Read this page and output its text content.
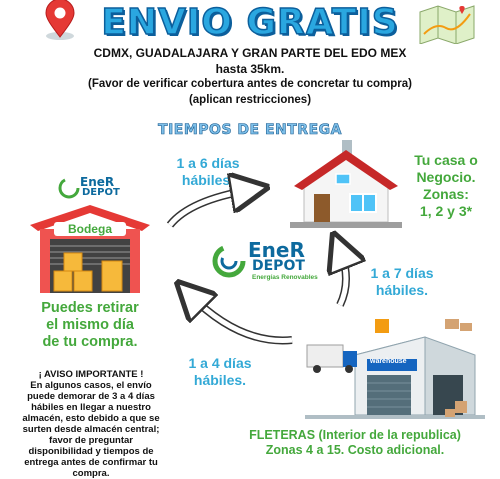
ENVIO GRATIS
CDMX, GUADALAJARA Y GRAN PARTE DEL EDO MEX
hasta 35km.
(Favor de verificar cobertura antes de concretar tu compra)
(aplican restricciones)
TIEMPOS DE ENTREGA
1 a 6 días
hábiles.
Tu casa o
Negocio.
Zonas:
1, 2 y 3*
EneR
DEPOT
Bodega
Puedes retirar
el mismo día
de tu compra.
EneR
DEPOT
Energías Renovables	1 a 7 días
hábiles.
1 a 4 días
hábiles.
warehouse
¡ AVISO IMPORTANTE !
En algunos casos, el envío puede demorar de 3 a 4 días hábiles en llegar a nuestro almacén, esto debido a que se surten desde almacén central; favor de preguntar disponibilidad y tiempos de entrega antes de confirmar tu compra.
FLETERAS (Interior de la republica)
Zonas 4 a 15. Costo adicional.
